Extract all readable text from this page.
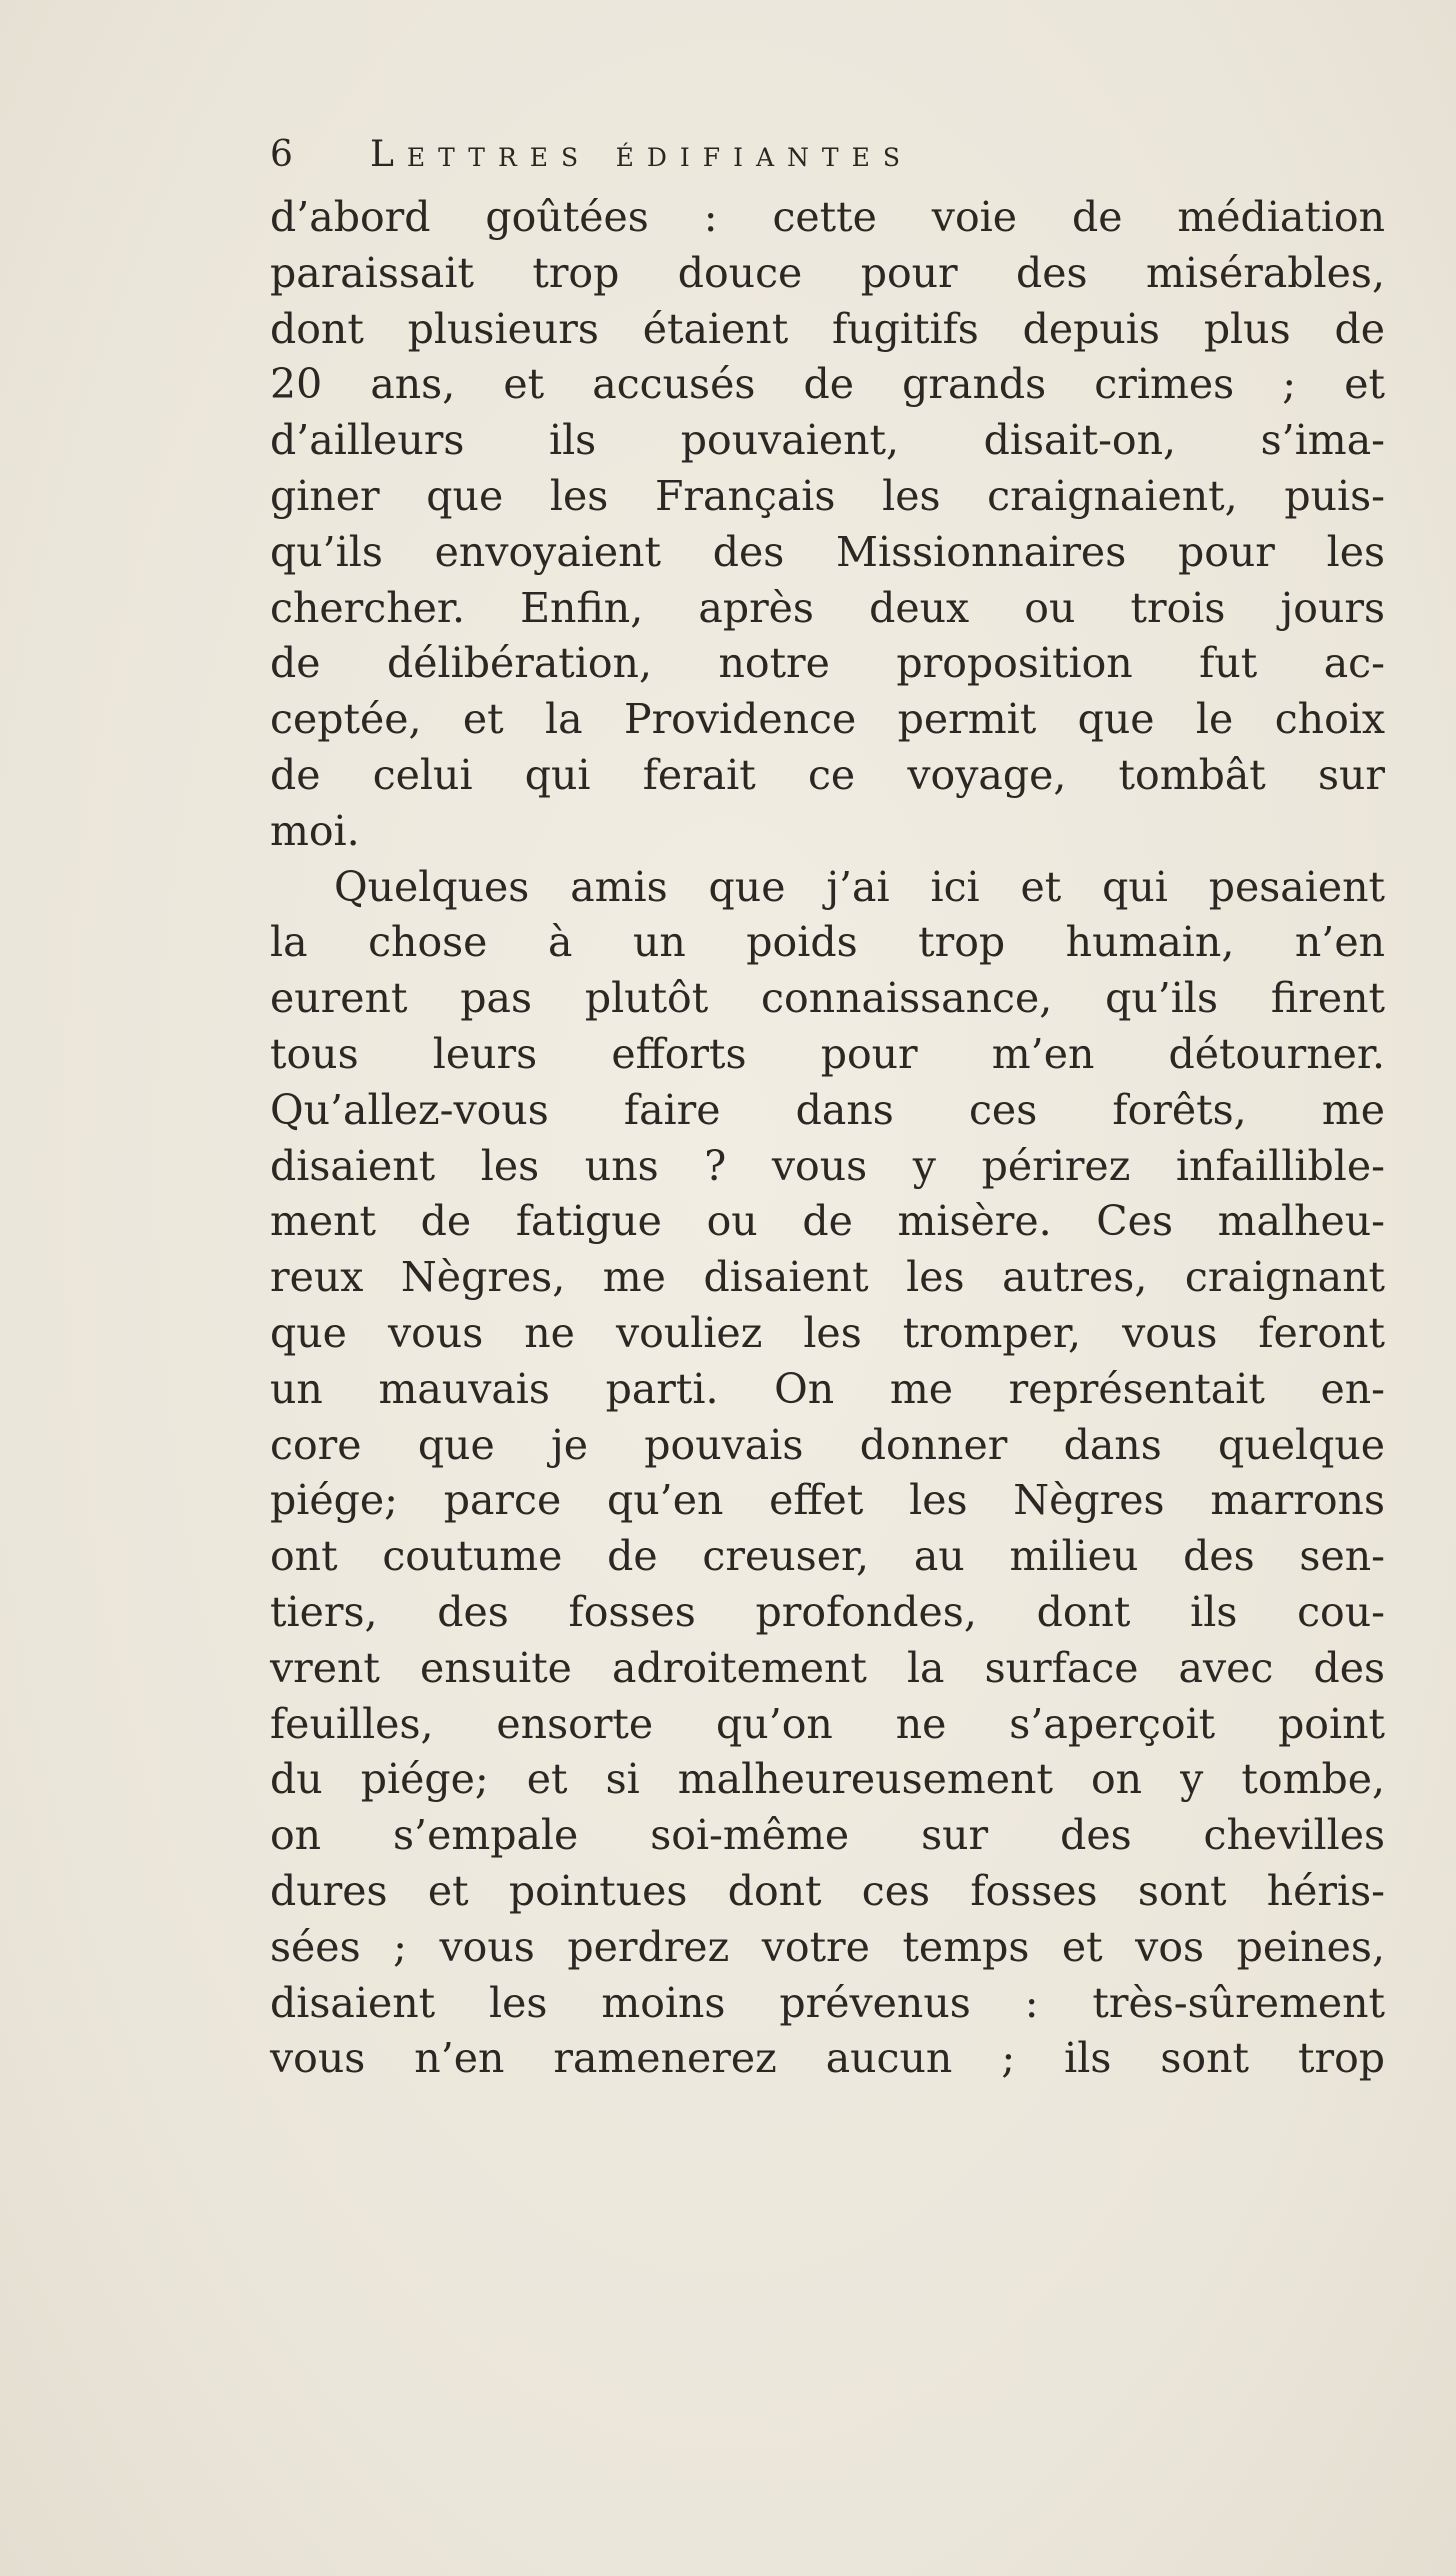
6 Lettres édifiantes
d’abord goûtées : cette voie de médiation
paraissait trop douce pour des misérables,
dont plusieurs étaient fugitifs depuis plus de
20 ans, et accusés de grands crimes ; et
d’ailleurs ils pouvaient, disait-on, s’ima-
giner que les Français les craignaient, puis-
qu’ils envoyaient des Missionnaires pour les
chercher. Enfin, après deux ou trois jours
de délibération, notre proposition fut ac-
ceptée, et la Providence permit que le choix
de celui qui ferait ce voyage, tombât sur
moi.
Quelques amis que j’ai ici et qui pesaient
la chose à un poids trop humain, n’en
eurent pas plutôt connaissance, qu’ils firent
tous leurs efforts pour m’en détourner.
Qu’allez-vous faire dans ces forêts, me
disaient les uns ? vous y périrez infaillible-
ment de fatigue ou de misère. Ces malheu-
reux Nègres, me disaient les autres, craignant
que vous ne vouliez les tromper, vous feront
un mauvais parti. On me représentait en-
core que je pouvais donner dans quelque
piége; parce qu’en effet les Nègres marrons
ont coutume de creuser, au milieu des sen-
tiers, des fosses profondes, dont ils cou-
vrent ensuite adroitement la surface avec des
feuilles, ensorte qu’on ne s’aperçoit point
du piége; et si malheureusement on y tombe,
on s’empale soi-même sur des chevilles
dures et pointues dont ces fosses sont héris-
sées ; vous perdrez votre temps et vos peines,
disaient les moins prévenus : très-sûrement
vous n’en ramenerez aucun ; ils sont trop
